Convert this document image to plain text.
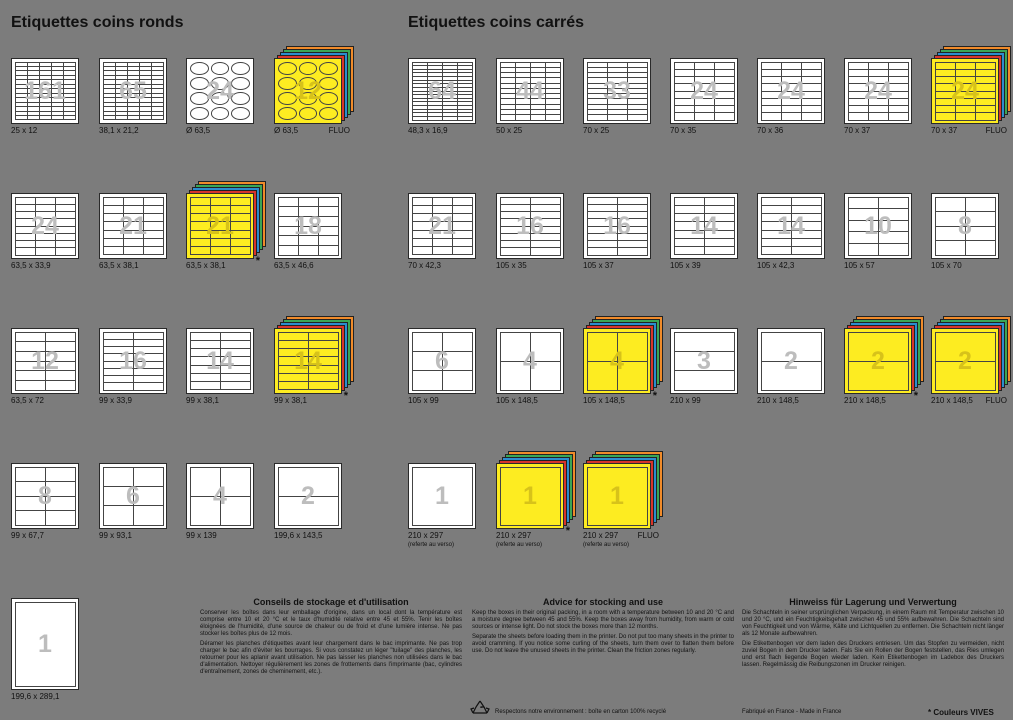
Etiquettes coins ronds	Etiquettes coins carrés
161
25 x 12
65
38,1 x 21,2
24
Ø 63,5
12
Ø 63,5	FLUO
24
63,5 x 33,9
21
63,5 x 38,1
21
63,5 x 38,1	*
18
63,5 x 46,6
12
63,5 x 72
16
99 x 33,9
14
99 x 38,1
14
99 x 38,1	*
8
99 x 67,7
6
99 x 93,1
4
99 x 139
2
199,6 x 143,5
1
199,6 x 289,1
64
48,3 x 16,9
44
50 x 25
33
70 x 25
24
70 x 35
24
70 x 36
24
70 x 37
24
70 x 37	FLUO
21
70 x 42,3
16
105 x 35
16
105 x 37
14
105 x 39
14
105 x 42,3
10
105 x 57
8
105 x 70
6
105 x 99
4
105 x 148,5
4
105 x 148,5	*
3
210 x 99
2
210 x 148,5
2
210 x 148,5	*
2
210 x 148,5 FLUO
1
210 x 297
(referte au verso)
1
210 x 297
(referte au verso)
*
1
210 x 297
(referte au verso)
FLUO
Conseils de stockage et d'utilisation

Conserver les boîtes dans leur emballage d'origine, dans un local dont la température est comprise entre 10 et 20 °C et le taux d'humidité relative entre 45 et 55%. Tenir les boîtes éloignées de l'humidité, d'une source de chaleur ou de froid et d'une lumière intense. Ne pas stocker les boîtes plus de 12 mois.

Déramer les planches d'étiquettes avant leur chargement dans le bac imprimante. Ne pas trop charger le bac afin d'éviter les bourrages. Si vous constatez un léger "tuilage" des planches, les retourner pour les aplanir avant utilisation. Ne pas laisser les planches non utilisées dans le bac d'alimentation. Nettoyer régulièrement les zones de frottements dans l'imprimante (bac, cylindres d'entraînement, zones de cheminement, etc.).

Advice for stocking and use

Keep the boxes in their original packing, in a room with a temperature between 10 and 20 °C and a moisture degree between 45 and 55%. Keep the boxes away from humidity, from warm or cold sources or intense light. Do not stock the boxes more than 12 months.

Separate the sheets before loading them in the printer. Do not put too many sheets in the printer to avoid cramming. If you notice some curling of the sheets, turn them over to flatten them before use. Do not leave the unused sheets in the printer. Clean the friction zones regularly.

Hinweiss für Lagerung und Verwertung

Die Schachteln in seiner ursprünglichen Verpackung, in einem Raum mit Temperatur zwischen 10 und 20 °C, und ein Feuchtigkeitsgehalt zwischen 45 und 55% aufbewahren. Die Schachteln sind von Feuchtigkeit und von Wärme, Kälte und Lichtquellen zu entfernen. Die Schachteln nicht länger als 12 Monate aufbewahren.

Die Etikettenbogen vor dem laden des Druckers entriesen. Um das Stopfen zu vermeiden, nicht zuviel Bogen in dem Drucker laden. Fals Sie ein Rollen der Bogen feststellen, das Ries umlegen und erst flach liegende Bogen wieder laden. Kein Etikettenbogen im Ladebox des Druckers lassen. Regelmässig die Reibungszonen im Drucker reinigen.

Respectons notre environnement : boîte en carton 100% recyclé	Fabriqué en France - Made in France	* Couleurs VIVES
